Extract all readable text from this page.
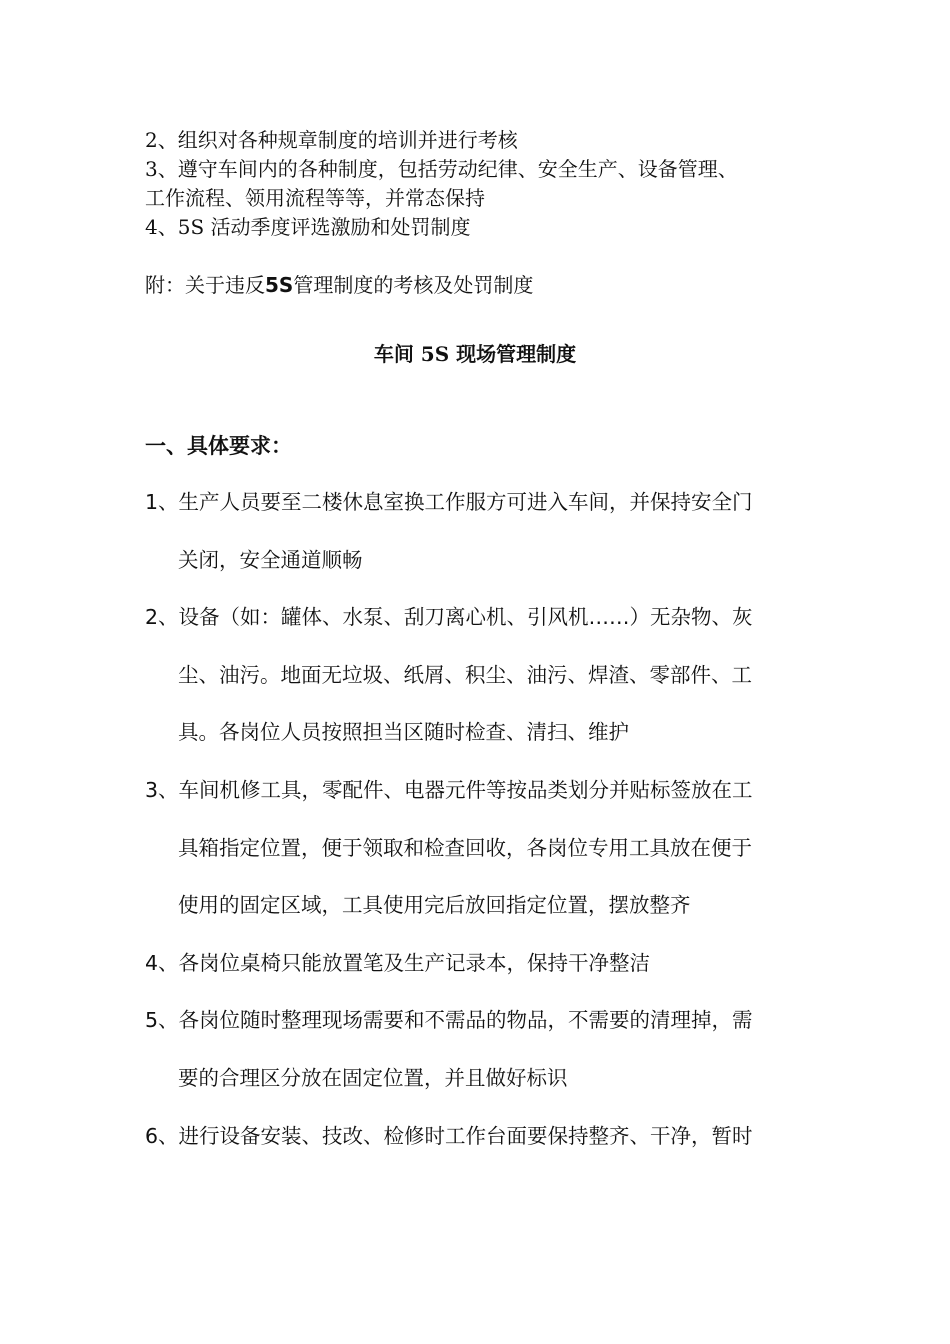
2、组织对各种规章制度的培训并进行考核

3、遵守车间内的各种制度，包括劳动纪律、安全生产、设备管理、

工作流程、领用流程等等，并常态保持

4、5S 活动季度评选激励和处罚制度

附：关于违反5S管理制度的考核及处罚制度

车间 5S 现场管理制度
一、具体要求：
1、生产人员要至二楼休息室换工作服方可进入车间，并保持安全门
关闭，安全通道顺畅
2、设备（如：罐体、水泵、刮刀离心机、引风机……）无杂物、灰
尘、油污。地面无垃圾、纸屑、积尘、油污、焊渣、零部件、工
具。各岗位人员按照担当区随时检查、清扫、维护
3、车间机修工具，零配件、电器元件等按品类划分并贴标签放在工
具箱指定位置，便于领取和检查回收，各岗位专用工具放在便于
使用的固定区域，工具使用完后放回指定位置，摆放整齐
4、各岗位桌椅只能放置笔及生产记录本，保持干净整洁
5、各岗位随时整理现场需要和不需品的物品，不需要的清理掉，需
要的合理区分放在固定位置，并且做好标识
6、进行设备安装、技改、检修时工作台面要保持整齐、干净，暂时
